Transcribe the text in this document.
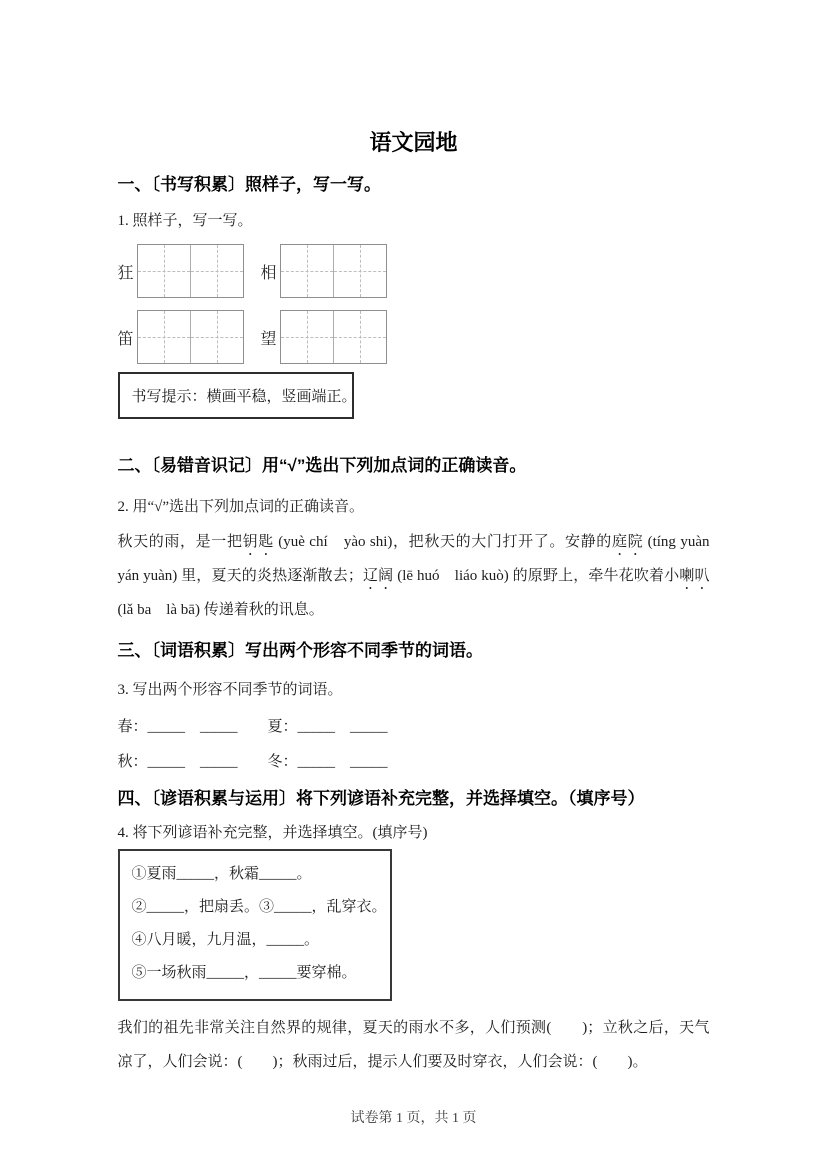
语文园地
一、〔书写积累〕照样子，写一写。

1. 照样子，写一写。

狂	相
笛	望
书写提示：横画平稳，竖画端正。
二、〔易错音识记〕用“√”选出下列加点词的正确读音。

2. 用“√”选出下列加点词的正确读音。

秋天的雨，是一把钥匙 (yuè chí　yào shi)，把秋天的大门打开了。安静的庭院 (tíng yuàn　yán yuàn) 里，夏天的炎热逐渐散去；辽阔 (lē huó　liáo kuò) 的原野上，牵牛花吹着小喇叭 (lǎ ba　là bā) 传递着秋的讯息。

三、〔词语积累〕写出两个形容不同季节的词语。

3. 写出两个形容不同季节的词语。

春：_____　_____　　夏：_____　_____

秋：_____　_____　　冬：_____　_____

四、〔谚语积累与运用〕将下列谚语补充完整，并选择填空。（填序号）

4. 将下列谚语补充完整，并选择填空。(填序号)

①夏雨_____，秋霜_____。
②_____，把扇丢。③_____，乱穿衣。
④八月暖，九月温，_____。
⑤一场秋雨_____，_____要穿棉。

我们的祖先非常关注自然界的规律，夏天的雨水不多，人们预测(　　)；立秋之后，天气凉了，人们会说：(　　)；秋雨过后，提示人们要及时穿衣，人们会说：(　　)。

试卷第 1 页，共 1 页
